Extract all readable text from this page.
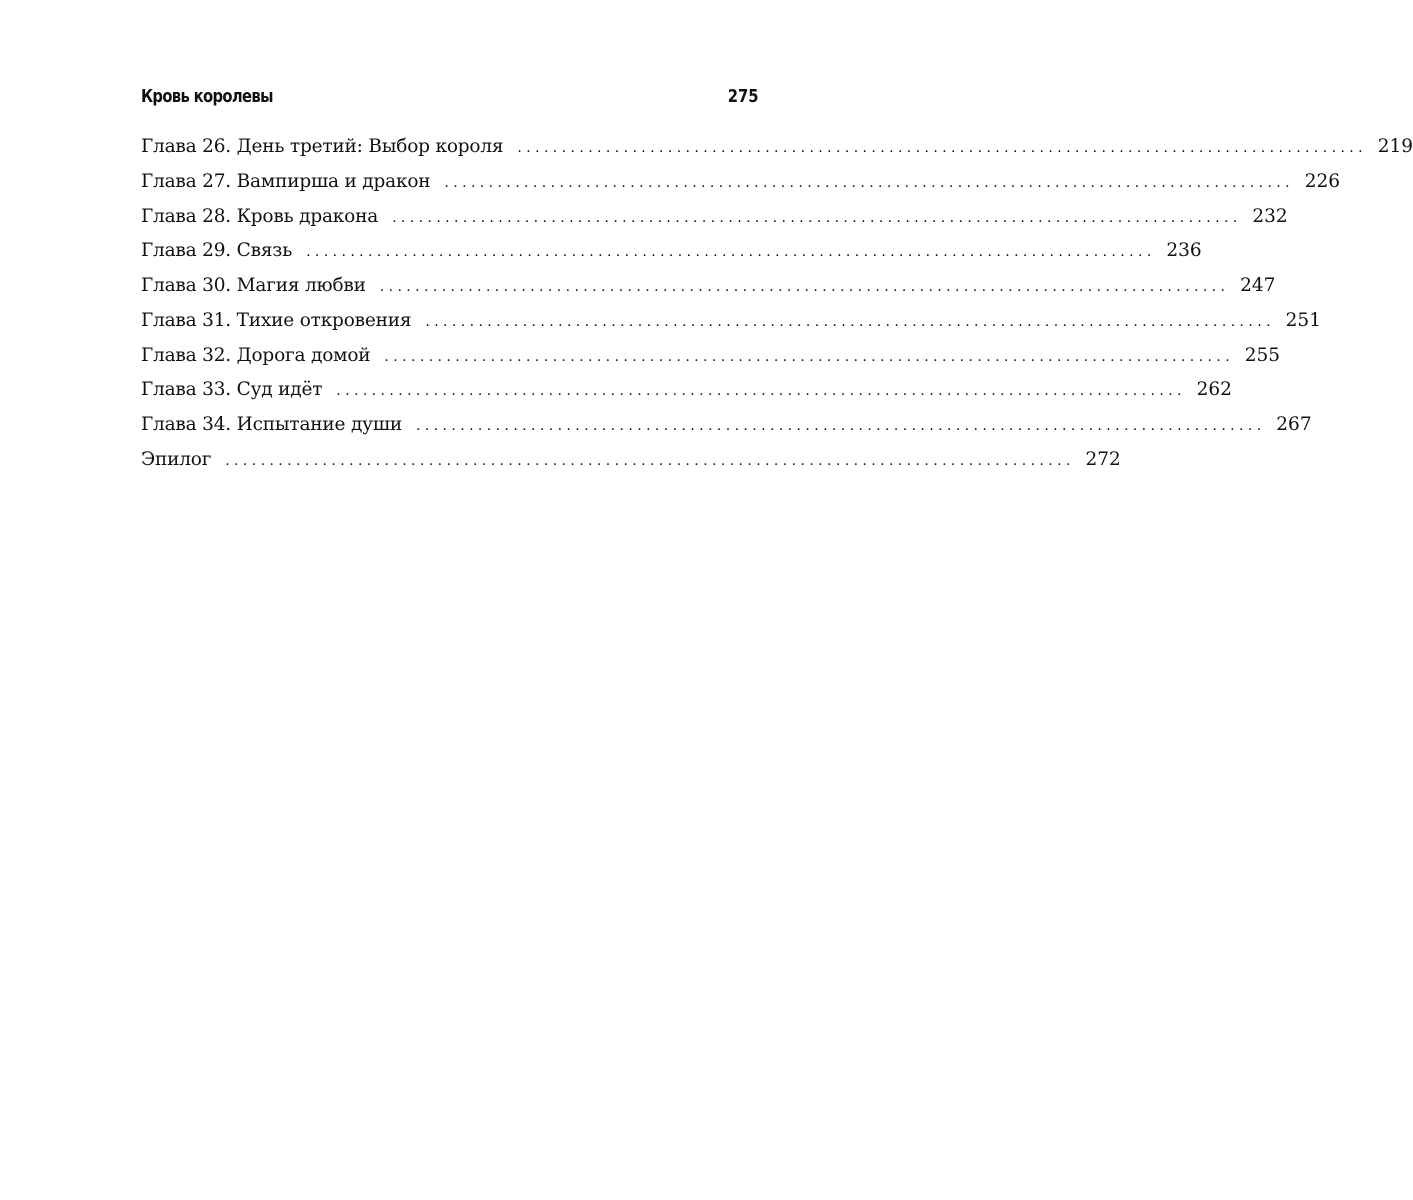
Кровь королевы	275
Глава 26. День третий: Выбор короля ................................................................................................ 219
Глава 27. Вампирша и дракон ................................................................................................ 226
Глава 28. Кровь дракона ................................................................................................ 232
Глава 29. Связь ................................................................................................ 236
Глава 30. Магия любви ................................................................................................ 247
Глава 31. Тихие откровения ................................................................................................ 251
Глава 32. Дорога домой ................................................................................................ 255
Глава 33. Суд идёт ................................................................................................ 262
Глава 34. Испытание души ................................................................................................ 267
Эпилог ................................................................................................ 272
